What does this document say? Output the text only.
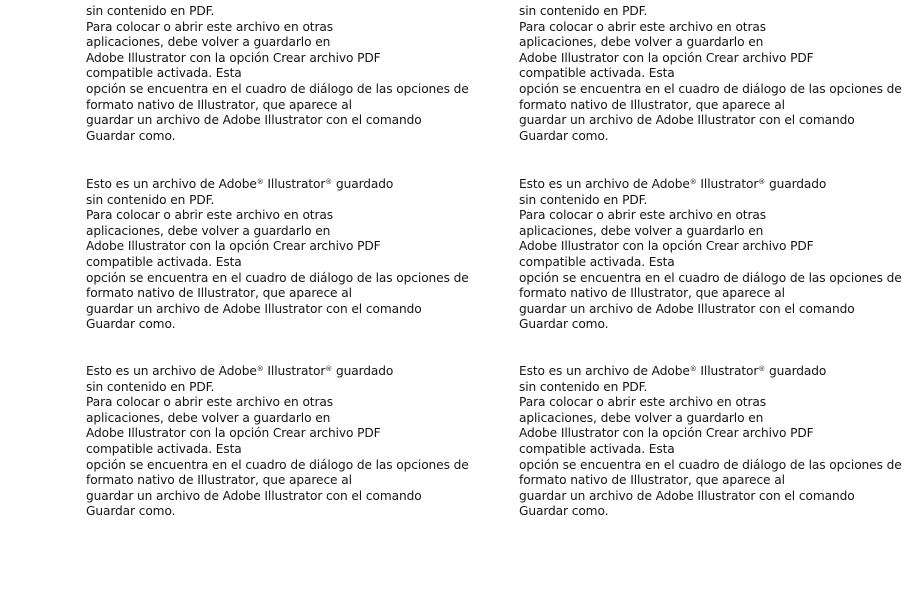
sin contenido en PDF.
Para colocar o abrir este archivo en otras
aplicaciones, debe volver a guardarlo en
Adobe Illustrator con la opción Crear archivo PDF
compatible activada. Esta
opción se encuentra en el cuadro de diálogo de las opciones de
formato nativo de Illustrator, que aparece al
guardar un archivo de Adobe Illustrator con el comando
Guardar como.
Esto es un archivo de Adobe® Illustrator® guardado
sin contenido en PDF.
Para colocar o abrir este archivo en otras
aplicaciones, debe volver a guardarlo en
Adobe Illustrator con la opción Crear archivo PDF
compatible activada. Esta
opción se encuentra en el cuadro de diálogo de las opciones de
formato nativo de Illustrator, que aparece al
guardar un archivo de Adobe Illustrator con el comando
Guardar como.
Esto es un archivo de Adobe® Illustrator® guardado
sin contenido en PDF.
Para colocar o abrir este archivo en otras
aplicaciones, debe volver a guardarlo en
Adobe Illustrator con la opción Crear archivo PDF
compatible activada. Esta
opción se encuentra en el cuadro de diálogo de las opciones de
formato nativo de Illustrator, que aparece al
guardar un archivo de Adobe Illustrator con el comando
Guardar como.
sin contenido en PDF.
Para colocar o abrir este archivo en otras
aplicaciones, debe volver a guardarlo en
Adobe Illustrator con la opción Crear archivo PDF
compatible activada. Esta
opción se encuentra en el cuadro de diálogo de las opciones de
formato nativo de Illustrator, que aparece al
guardar un archivo de Adobe Illustrator con el comando
Guardar como.
Esto es un archivo de Adobe® Illustrator® guardado
sin contenido en PDF.
Para colocar o abrir este archivo en otras
aplicaciones, debe volver a guardarlo en
Adobe Illustrator con la opción Crear archivo PDF
compatible activada. Esta
opción se encuentra en el cuadro de diálogo de las opciones de
formato nativo de Illustrator, que aparece al
guardar un archivo de Adobe Illustrator con el comando
Guardar como.
Esto es un archivo de Adobe® Illustrator® guardado
sin contenido en PDF.
Para colocar o abrir este archivo en otras
aplicaciones, debe volver a guardarlo en
Adobe Illustrator con la opción Crear archivo PDF
compatible activada. Esta
opción se encuentra en el cuadro de diálogo de las opciones de
formato nativo de Illustrator, que aparece al
guardar un archivo de Adobe Illustrator con el comando
Guardar como.
